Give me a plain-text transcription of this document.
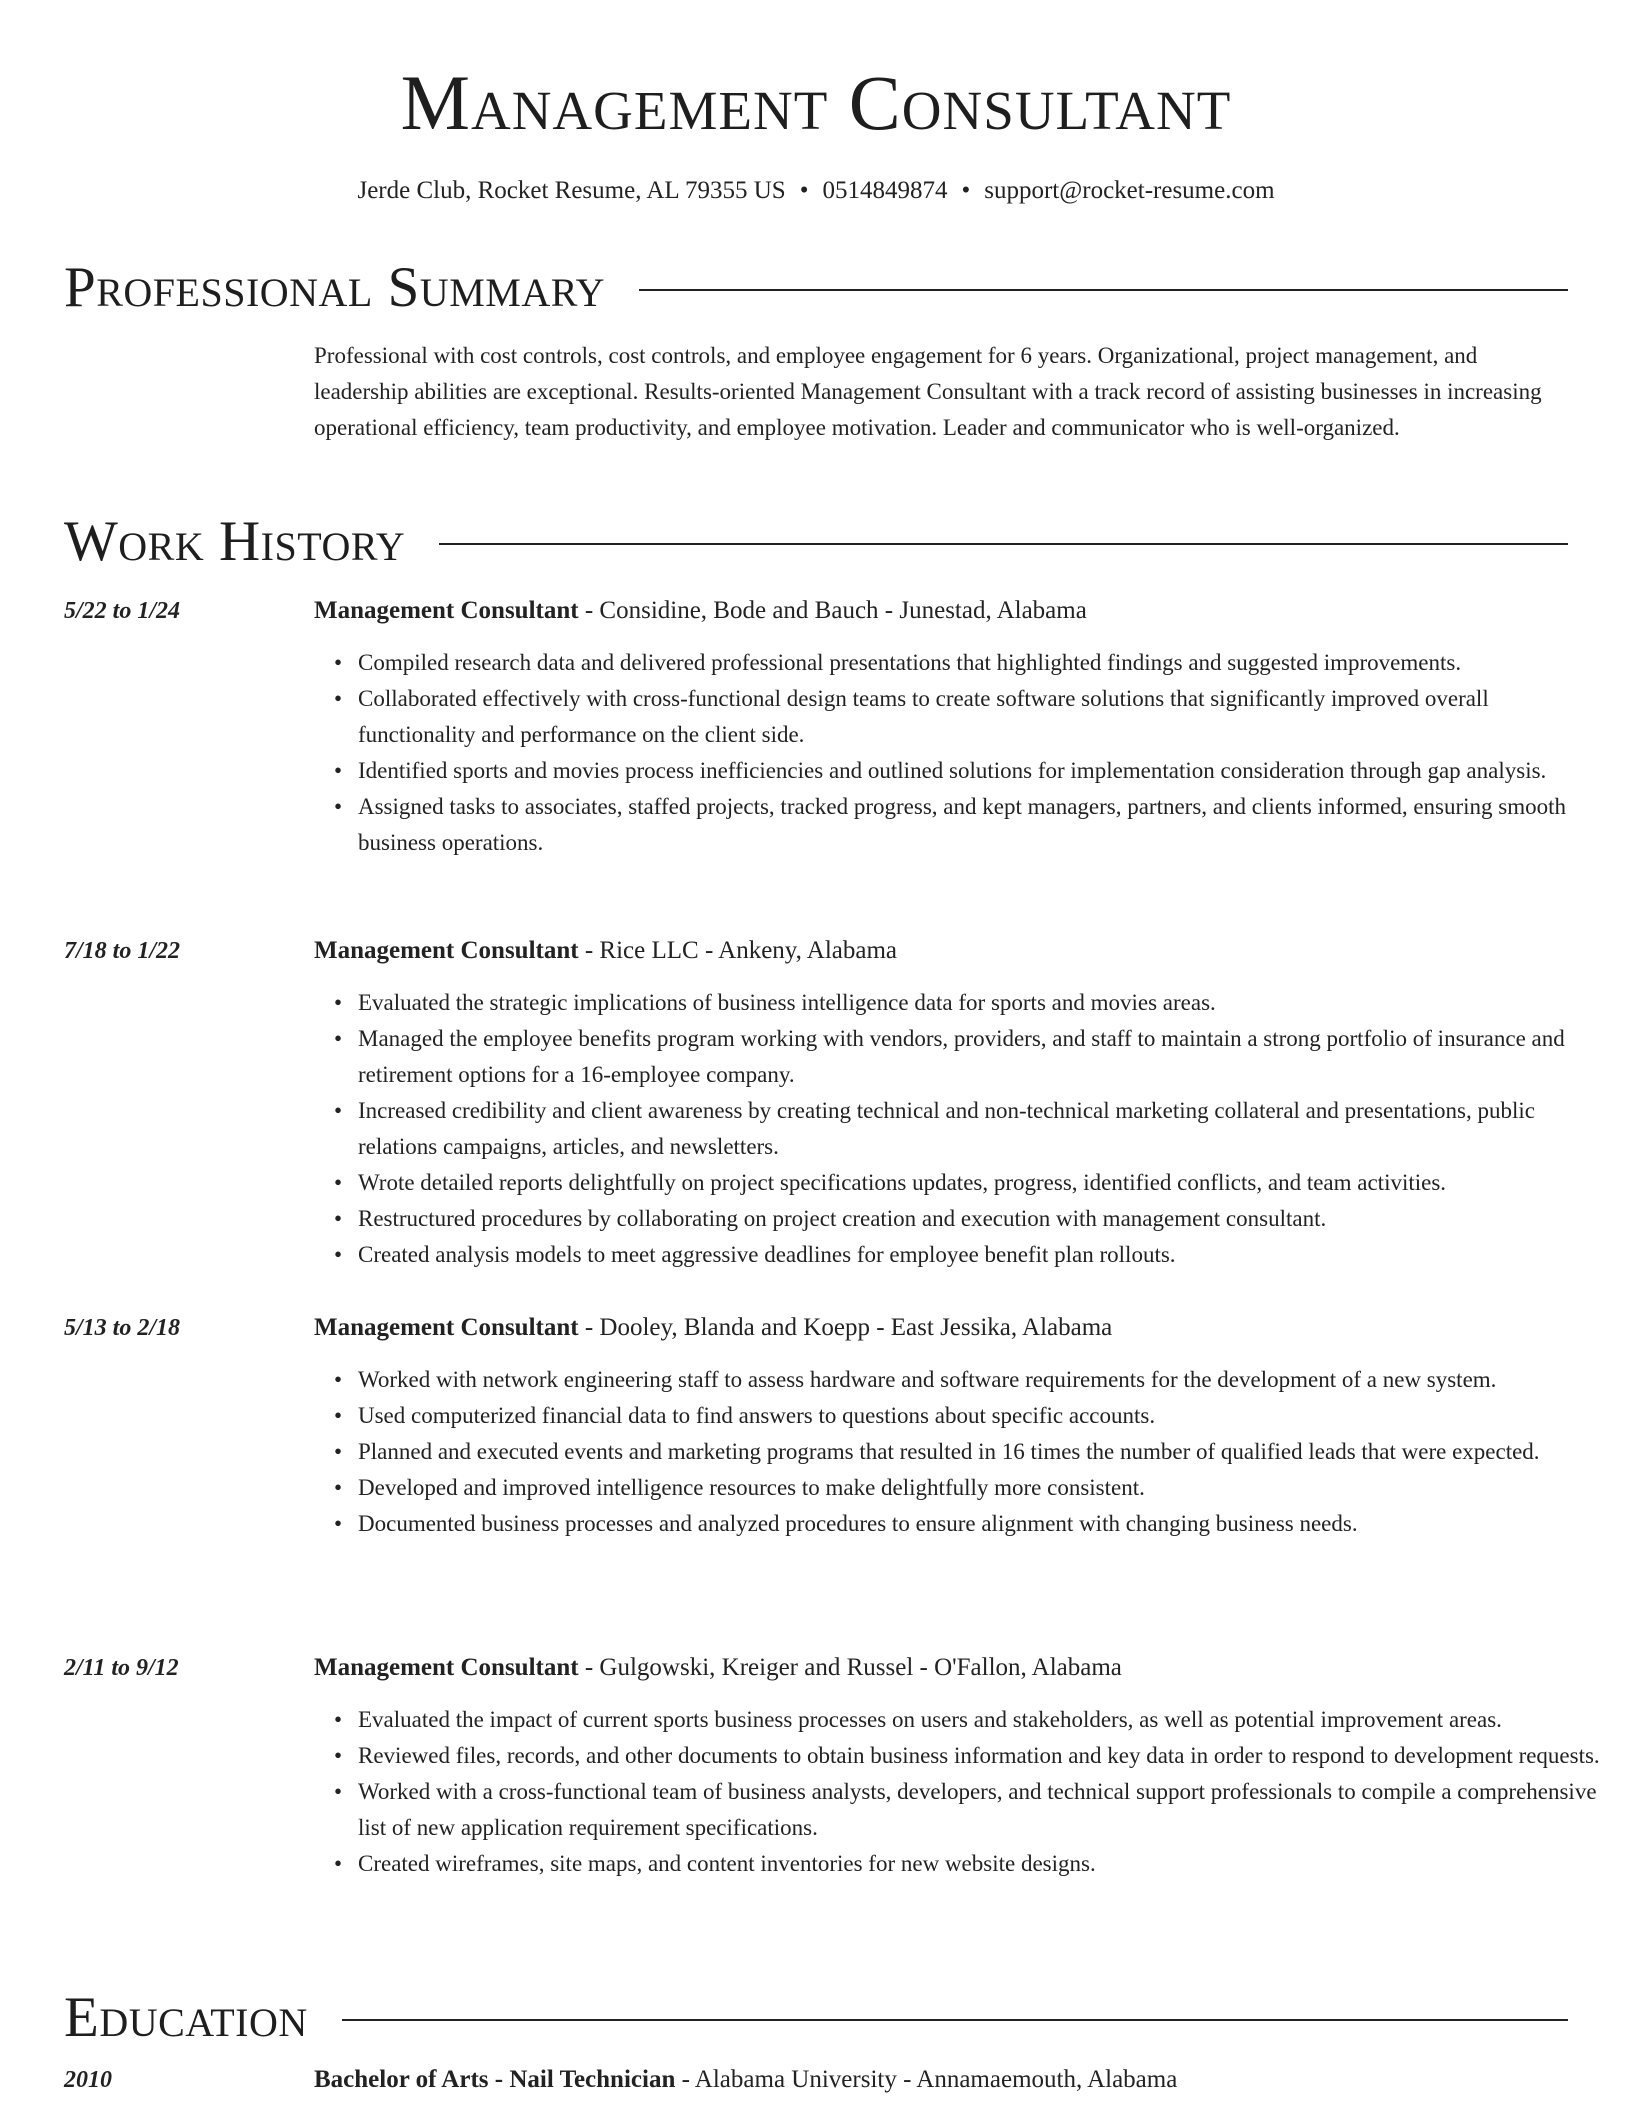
Management Consultant
Jerde Club, Rocket Resume, AL 79355 US • 0514849874 • support@rocket-resume.com
Professional Summary
Professional with cost controls, cost controls, and employee engagement for 6 years. Organizational, project management, and leadership abilities are exceptional. Results-oriented Management Consultant with a track record of assisting businesses in increasing operational efficiency, team productivity, and employee motivation. Leader and communicator who is well-organized.
Work History
5/22 to 1/24	Management Consultant - Considine, Bode and Bauch - Junestad, Alabama
• Compiled research data and delivered professional presentations that highlighted findings and suggested improvements.
• Collaborated effectively with cross-functional design teams to create software solutions that significantly improved overall functionality and performance on the client side.
• Identified sports and movies process inefficiencies and outlined solutions for implementation consideration through gap analysis.
• Assigned tasks to associates, staffed projects, tracked progress, and kept managers, partners, and clients informed, ensuring smooth business operations.
7/18 to 1/22	Management Consultant - Rice LLC - Ankeny, Alabama
• Evaluated the strategic implications of business intelligence data for sports and movies areas.
• Managed the employee benefits program working with vendors, providers, and staff to maintain a strong portfolio of insurance and retirement options for a 16-employee company.
• Increased credibility and client awareness by creating technical and non-technical marketing collateral and presentations, public relations campaigns, articles, and newsletters.
• Wrote detailed reports delightfully on project specifications updates, progress, identified conflicts, and team activities.
• Restructured procedures by collaborating on project creation and execution with management consultant.
• Created analysis models to meet aggressive deadlines for employee benefit plan rollouts.
5/13 to 2/18	Management Consultant - Dooley, Blanda and Koepp - East Jessika, Alabama
• Worked with network engineering staff to assess hardware and software requirements for the development of a new system.
• Used computerized financial data to find answers to questions about specific accounts.
• Planned and executed events and marketing programs that resulted in 16 times the number of qualified leads that were expected.
• Developed and improved intelligence resources to make delightfully more consistent.
• Documented business processes and analyzed procedures to ensure alignment with changing business needs.
2/11 to 9/12	Management Consultant - Gulgowski, Kreiger and Russel - O'Fallon, Alabama
• Evaluated the impact of current sports business processes on users and stakeholders, as well as potential improvement areas.
• Reviewed files, records, and other documents to obtain business information and key data in order to respond to development requests.
• Worked with a cross-functional team of business analysts, developers, and technical support professionals to compile a comprehensive list of new application requirement specifications.
• Created wireframes, site maps, and content inventories for new website designs.
Education
2010	Bachelor of Arts - Nail Technician - Alabama University - Annamaemouth, Alabama
